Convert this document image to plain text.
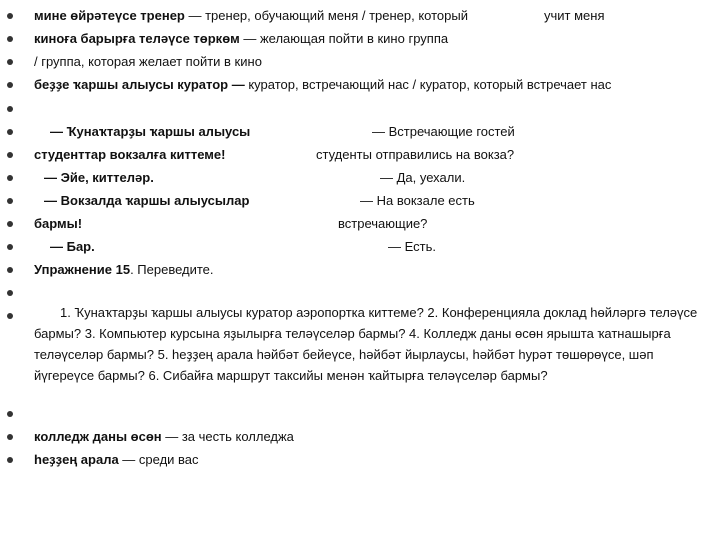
мине өйрәтеүсе тренер — тренер, обучающий меня / тренер, который	учит меня
киноға барырға теләүсе төркөм — желающая пойти в кино группа
/ группа, которая желает пойти в кино
беҙҙе ҡаршы алыусы куратор — куратор, встречающий нас / куратор, который встречает нас
— Ҡунаҡтарҙы ҡаршы алыусы	— Встречающие гостей
студенттар вокзалға киттеме!	студенты отправились на вокза?
— Эйе, киттеләр.	— Да, уехали.
— Вокзалда ҡаршы алыусылар	— На вокзале есть
бармы!	встречающие?
— Бар.	— Есть.
Упражнение 15. Переведите.
1. Ҡунаҡтарҙы ҡаршы алыусы куратор аэропортка киттеме? 2. Конференцияла доклад һөйләргә теләүсе бармы? 3. Компьютер курсына яҙылырға теләүселәр бармы? 4. Колледж даны өсөн ярышта ҡатнашырға теләүселәр бармы? 5. һеҙҙең арала һәйбәт бейеүсе, һәйбәт йырлаусы, һәйбәт һурәт төшөрөүсе, шәп йүгереүсе бармы? 6. Сибайға маршрут таксийы менән ҡайтырға теләүселәр бармы?
колледж даны өсөн — за честь колледжа
һеҙҙең арала — среди вас
